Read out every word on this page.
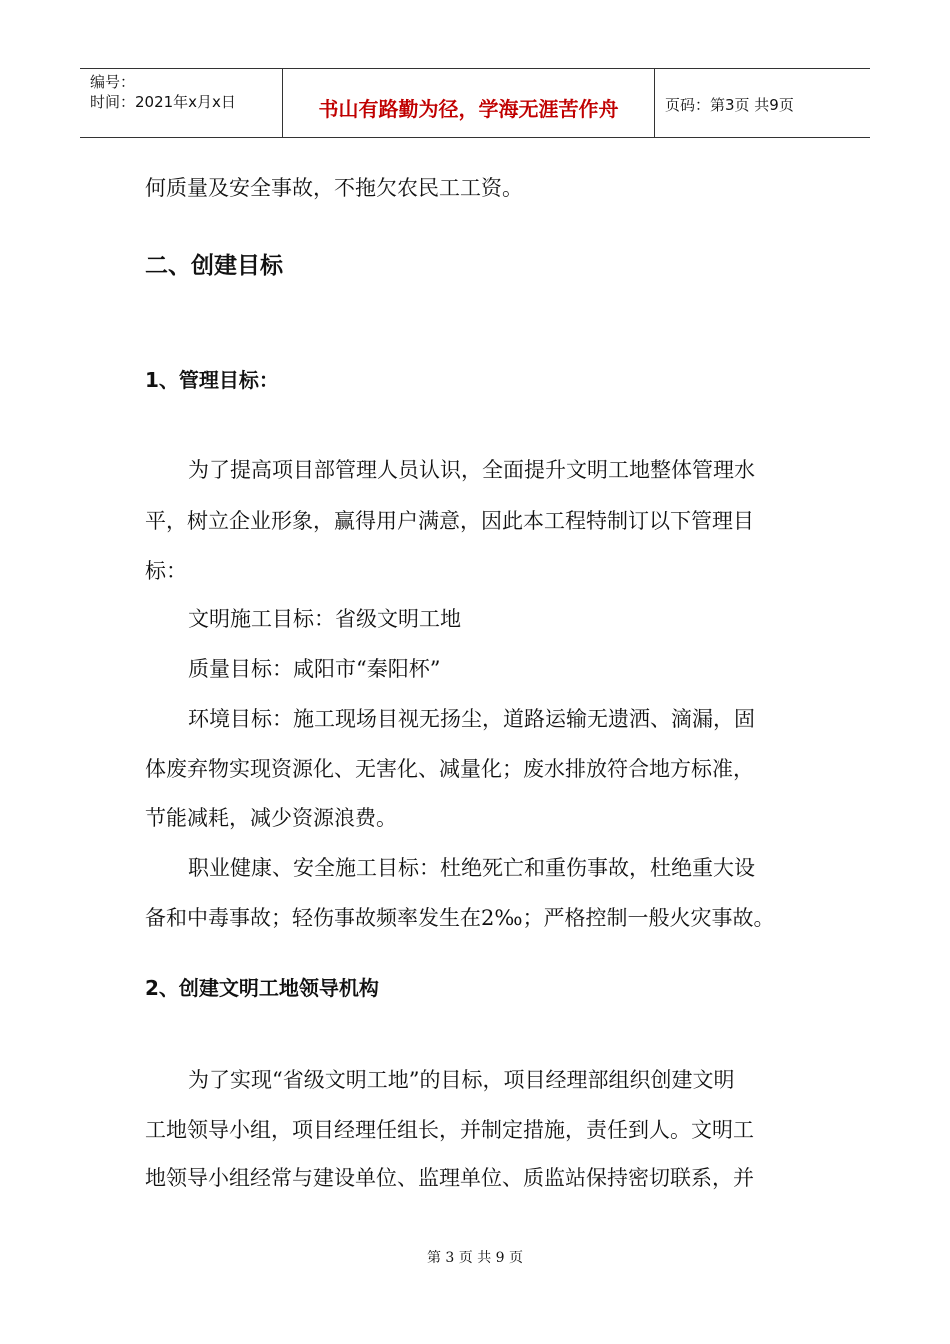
编号：
时间：2021年x月x日	书山有路勤为径，学海无涯苦作舟	页码：第3页 共9页
何质量及安全事故，不拖欠农民工工资。
二、创建目标
1、管理目标：
为了提高项目部管理人员认识，全面提升文明工地整体管理水
平，树立企业形象，赢得用户满意，因此本工程特制订以下管理目
标：
文明施工目标：省级文明工地
质量目标：咸阳市“秦阳杯”
环境目标：施工现场目视无扬尘，道路运输无遗洒、滴漏，固
体废弃物实现资源化、无害化、减量化；废水排放符合地方标准，
节能减耗，减少资源浪费。
职业健康、安全施工目标：杜绝死亡和重伤事故，杜绝重大设
备和中毒事故；轻伤事故频率发生在2‰；严格控制一般火灾事故。
2、创建文明工地领导机构
为了实现“省级文明工地”的目标，项目经理部组织创建文明
工地领导小组，项目经理任组长，并制定措施，责任到人。文明工
地领导小组经常与建设单位、监理单位、质监站保持密切联系，并
第 3 页 共 9 页
